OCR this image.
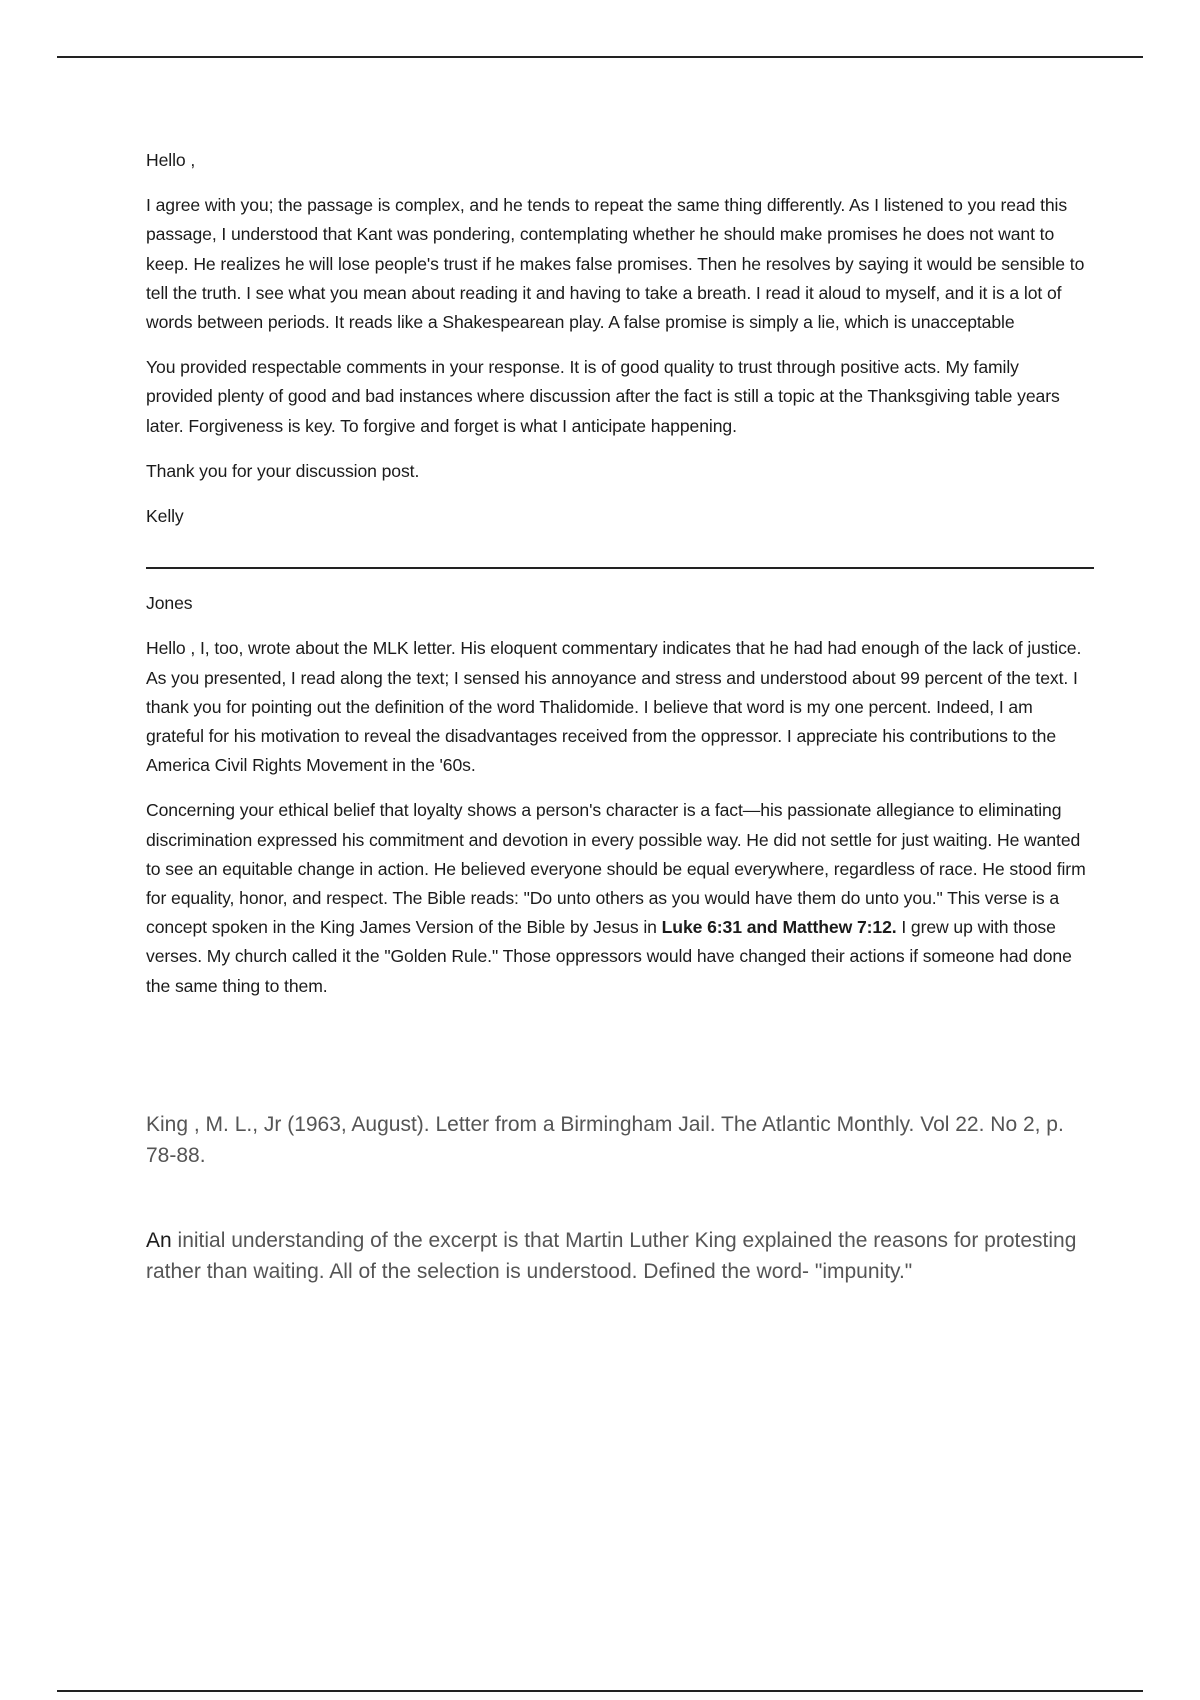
Hello ,

I agree with you; the passage is complex, and he tends to repeat the same thing differently. As I listened to you read this passage, I understood that Kant was pondering, contemplating whether he should make promises he does not want to keep. He realizes he will lose people's trust if he makes false promises. Then he resolves by saying it would be sensible to tell the truth. I see what you mean about reading it and having to take a breath. I read it aloud to myself, and it is a lot of words between periods. It reads like a Shakespearean play. A false promise is simply a lie, which is unacceptable

You provided respectable comments in your response. It is of good quality to trust through positive acts. My family provided plenty of good and bad instances where discussion after the fact is still a topic at the Thanksgiving table years later. Forgiveness is key. To forgive and forget is what I anticipate happening.

Thank you for your discussion post.

Kelly

Jones

Hello , I, too, wrote about the MLK letter. His eloquent commentary indicates that he had had enough of the lack of justice. As you presented, I read along the text; I sensed his annoyance and stress and understood about 99 percent of the text. I thank you for pointing out the definition of the word Thalidomide. I believe that word is my one percent. Indeed, I am grateful for his motivation to reveal the disadvantages received from the oppressor. I appreciate his contributions to the America Civil Rights Movement in the '60s.

Concerning your ethical belief that loyalty shows a person's character is a fact—his passionate allegiance to eliminating discrimination expressed his commitment and devotion in every possible way. He did not settle for just waiting. He wanted to see an equitable change in action. He believed everyone should be equal everywhere, regardless of race. He stood firm for equality, honor, and respect. The Bible reads: "Do unto others as you would have them do unto you." This verse is a concept spoken in the King James Version of the Bible by Jesus in Luke 6:31 and Matthew 7:12. I grew up with those verses. My church called it the "Golden Rule." Those oppressors would have changed their actions if someone had done the same thing to them.

King , M. L., Jr (1963, August). Letter from a Birmingham Jail. The Atlantic Monthly. Vol 22. No 2, p. 78-88.

An initial understanding of the excerpt is that Martin Luther King explained the reasons for protesting rather than waiting. All of the selection is understood. Defined the word- "impunity."
